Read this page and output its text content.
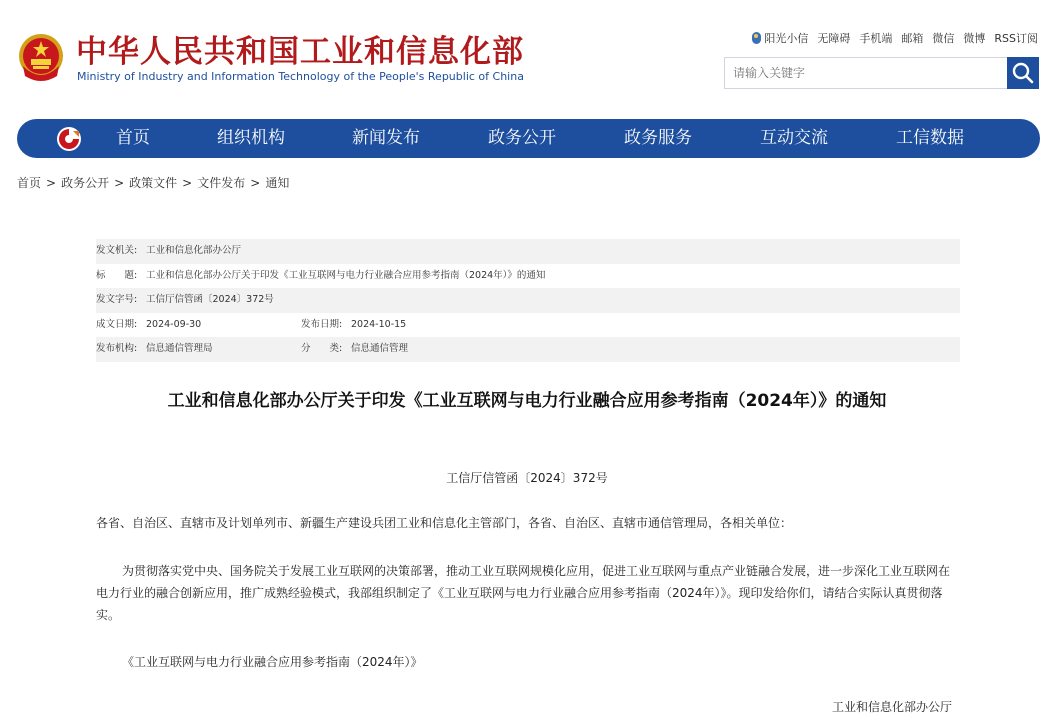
中华人民共和国工业和信息化部
Ministry of Industry and Information Technology of the People's Republic of China
阳光小信 无障碍 手机端 邮箱 微信 微博 RSS订阅
请输入关键字
首页	组织机构	新闻发布	政务公开	政务服务	互动交流	工信数据
首页 > 政务公开 > 政策文件 > 文件发布 > 通知
发文机关: 工业和信息化部办公厅
标　　题: 工业和信息化部办公厅关于印发《工业互联网与电力行业融合应用参考指南（2024年）》的通知
发文字号: 工信厅信管函〔2024〕372号
成文日期: 2024-09-30	发布日期: 2024-10-15
发布机构: 信息通信管理局	分　　类: 信息通信管理
工业和信息化部办公厅关于印发《工业互联网与电力行业融合应用参考指南（2024年）》的通知
工信厅信管函〔2024〕372号
各省、自治区、直辖市及计划单列市、新疆生产建设兵团工业和信息化主管部门，各省、自治区、直辖市通信管理局，各相关单位：
为贯彻落实党中央、国务院关于发展工业互联网的决策部署，推动工业互联网规模化应用，促进工业互联网与重点产业链融合发展，进一步深化工业互联网在电力行业的融合创新应用，推广成熟经验模式，我部组织制定了《工业互联网与电力行业融合应用参考指南（2024年）》。现印发给你们，请结合实际认真贯彻落实。
《工业互联网与电力行业融合应用参考指南（2024年）》
工业和信息化部办公厅
